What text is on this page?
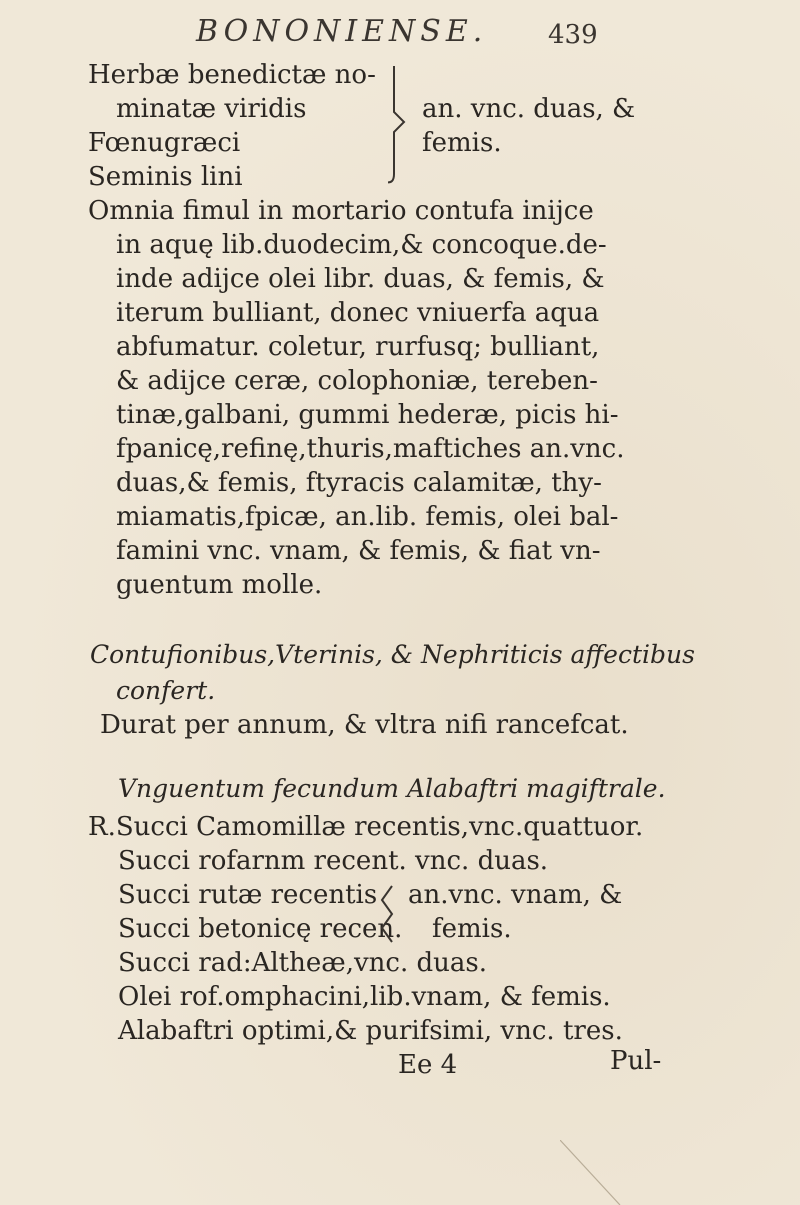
BONONIENSE. 439
Herbæ benedictæ no-
minatæ viridis
Fœnugræci
Seminis lini
an. vnc. duas, &
femis.
Omnia fimul in mortario contufa inijce
in aquę lib.duodecim,& concoque.de-
inde adijce olei libr. duas, & femis, &
iterum bulliant, donec vniuerfa aqua
abfumatur. coletur, rurfusq; bulliant,
& adijce ceræ, colophoniæ, tereben-
tinæ,galbani, gummi hederæ, picis hi-
fpanicę,refinę,thuris,maftiches an.vnc.
duas,& femis, ftyracis calamitæ, thy-
miamatis,fpicæ, an.lib. femis, olei bal-
famini vnc. vnam, & femis, & fiat vn-
guentum molle.
Contufionibus,Vterinis, & Nephriticis affectibus
confert.
Durat per annum, & vltra nifi rancefcat.
Vnguentum fecundum Alabaftri magiftrale.
R.Succi Camomillæ recentis,vnc.quattuor.
Succi rofarnm recent. vnc. duas.
Succi rutæ recentis
Succi betonicę recen.
an.vnc. vnam, &
femis.
Succi rad:Altheæ,vnc. duas.
Olei rof.omphacini,lib.vnam, & femis.
Alabaftri optimi,& purifsimi, vnc. tres.
Ee 4	Pul-
